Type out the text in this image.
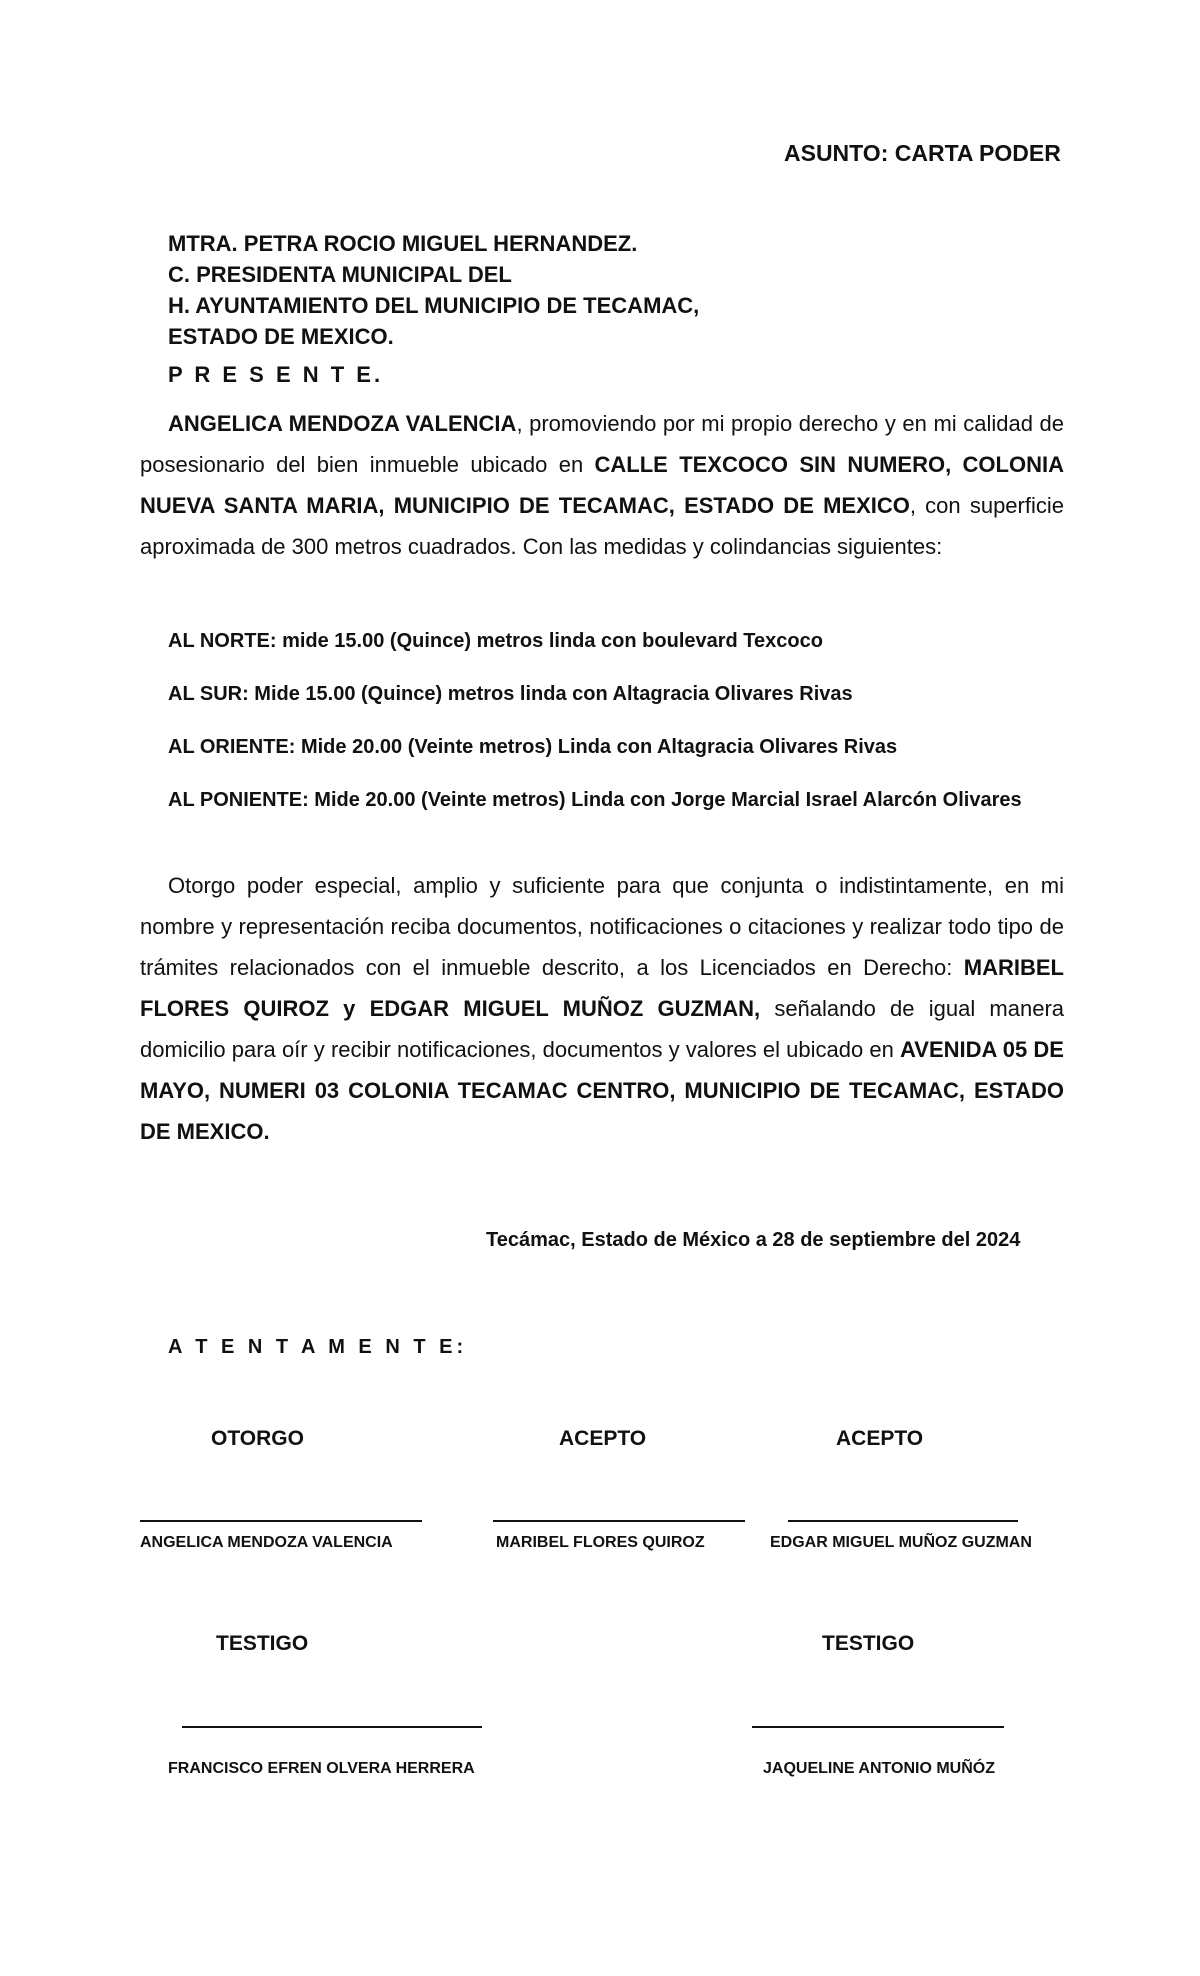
ASUNTO: CARTA PODER
MTRA. PETRA ROCIO MIGUEL HERNANDEZ.
C. PRESIDENTA MUNICIPAL DEL
H. AYUNTAMIENTO DEL MUNICIPIO DE TECAMAC,
ESTADO DE MEXICO.
P R E S E N T E.

ANGELICA MENDOZA VALENCIA, promoviendo por mi propio derecho y en mi calidad de posesionario del bien inmueble ubicado en CALLE TEXCOCO SIN NUMERO, COLONIA NUEVA SANTA MARIA, MUNICIPIO DE TECAMAC, ESTADO DE MEXICO, con superficie aproximada de 300 metros cuadrados. Con las medidas y colindancias siguientes:

AL NORTE: mide 15.00 (Quince) metros linda con boulevard Texcoco
AL SUR: Mide 15.00 (Quince) metros linda con Altagracia Olivares Rivas
AL ORIENTE: Mide 20.00 (Veinte metros) Linda con Altagracia Olivares Rivas
AL PONIENTE: Mide 20.00 (Veinte metros) Linda con Jorge Marcial Israel Alarcón Olivares

Otorgo poder especial, amplio y suficiente para que conjunta o indistintamente, en mi nombre y representación reciba documentos, notificaciones o citaciones y realizar todo tipo de trámites relacionados con el inmueble descrito, a los Licenciados en Derecho: MARIBEL FLORES QUIROZ y EDGAR MIGUEL MUÑOZ GUZMAN, señalando de igual manera domicilio para oír y recibir notificaciones, documentos y valores el ubicado en AVENIDA 05 DE MAYO, NUMERI 03 COLONIA TECAMAC CENTRO, MUNICIPIO DE TECAMAC, ESTADO DE MEXICO.

Tecámac, Estado de México a 28 de septiembre del 2024
A T E N T A M E N T E:
OTORGO	ACEPTO	ACEPTO
ANGELICA MENDOZA VALENCIA	MARIBEL FLORES QUIROZ	EDGAR MIGUEL MUÑOZ GUZMAN
TESTIGO	TESTIGO
FRANCISCO EFREN OLVERA HERRERA	JAQUELINE ANTONIO MUÑÓZ
